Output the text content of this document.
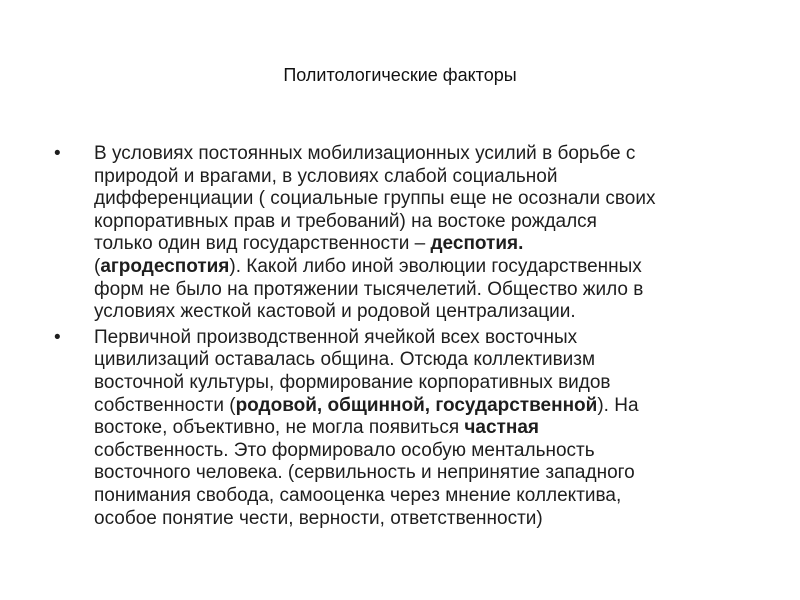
Политологические факторы
• В условиях постоянных мобилизационных усилий в борьбе с
природой и врагами, в условиях слабой социальной
дифференциации ( социальные группы еще не осознали своих
корпоративных прав и требований) на востоке рождался
только один вид государственности – деспотия.
(агродеспотия). Какой либо иной эволюции государственных
форм не было на протяжении тысячелетий. Общество жило в
условиях жесткой кастовой и родовой централизации.
• Первичной производственной ячейкой всех восточных
цивилизаций оставалась община. Отсюда коллективизм
восточной культуры, формирование корпоративных видов
собственности (родовой, общинной, государственной). На
востоке, объективно, не могла появиться частная
собственность. Это формировало особую ментальность
восточного человека. (сервильность и непринятие западного
понимания свобода, самооценка через мнение коллектива,
особое понятие чести, верности, ответственности)
